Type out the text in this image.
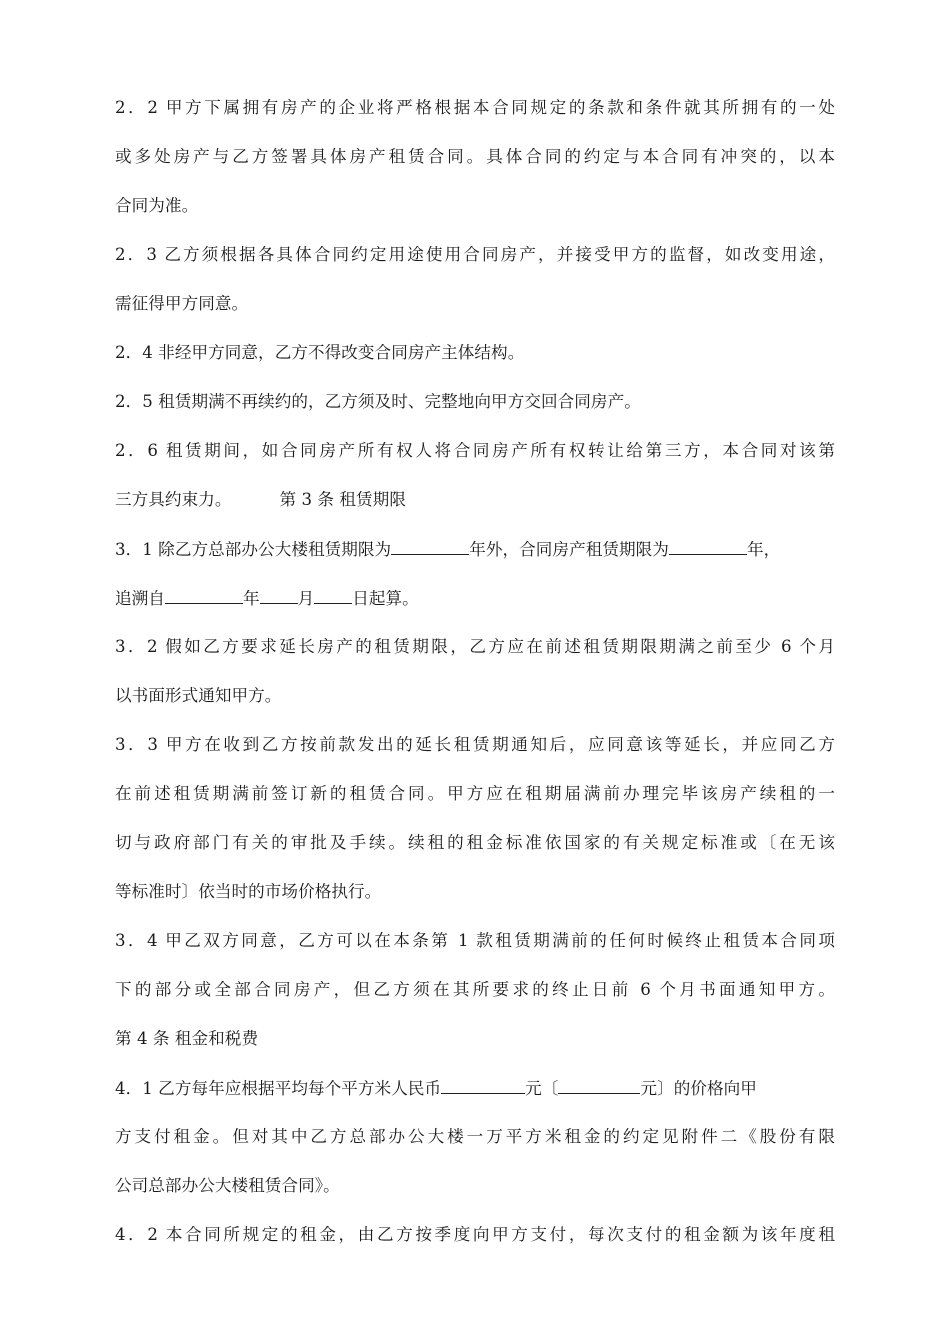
2．2 甲方下属拥有房产的企业将严格根据本合同规定的条款和条件就其所拥有的一处
或多处房产与乙方签署具体房产租赁合同。具体合同的约定与本合同有冲突的，以本
合同为准。
2．3 乙方须根据各具体合同约定用途使用合同房产，并接受甲方的监督，如改变用途，
需征得甲方同意。
2．4 非经甲方同意，乙方不得改变合同房产主体结构。
2．5 租赁期满不再续约的，乙方须及时、完整地向甲方交回合同房产。
2．6 租赁期间，如合同房产所有权人将合同房产所有权转让给第三方，本合同对该第
三方具约束力。	第 3 条 租赁期限
3．1 除乙方总部办公大楼租赁期限为	年外，合同房产租赁期限为	年，
追溯自	年 月 日起算。
3．2 假如乙方要求延长房产的租赁期限，乙方应在前述租赁期限期满之前至少 6 个月
以书面形式通知甲方。
3．3 甲方在收到乙方按前款发出的延长租赁期通知后，应同意该等延长，并应同乙方
在前述租赁期满前签订新的租赁合同。甲方应在租期届满前办理完毕该房产续租的一
切与政府部门有关的审批及手续。续租的租金标准依国家的有关规定标准或〔在无该
等标准时〕依当时的市场价格执行。
3．4 甲乙双方同意，乙方可以在本条第 1 款租赁期满前的任何时候终止租赁本合同项
下的部分或全部合同房产，但乙方须在其所要求的终止日前 6 个月书面通知甲方。
第 4 条 租金和税费
4．1 乙方每年应根据平均每个平方米人民币	元〔	元〕的价格向甲
方支付租金。但对其中乙方总部办公大楼一万平方米租金的约定见附件二《股份有限
公司总部办公大楼租赁合同》。
4．2 本合同所规定的租金，由乙方按季度向甲方支付，每次支付的租金额为该年度租
